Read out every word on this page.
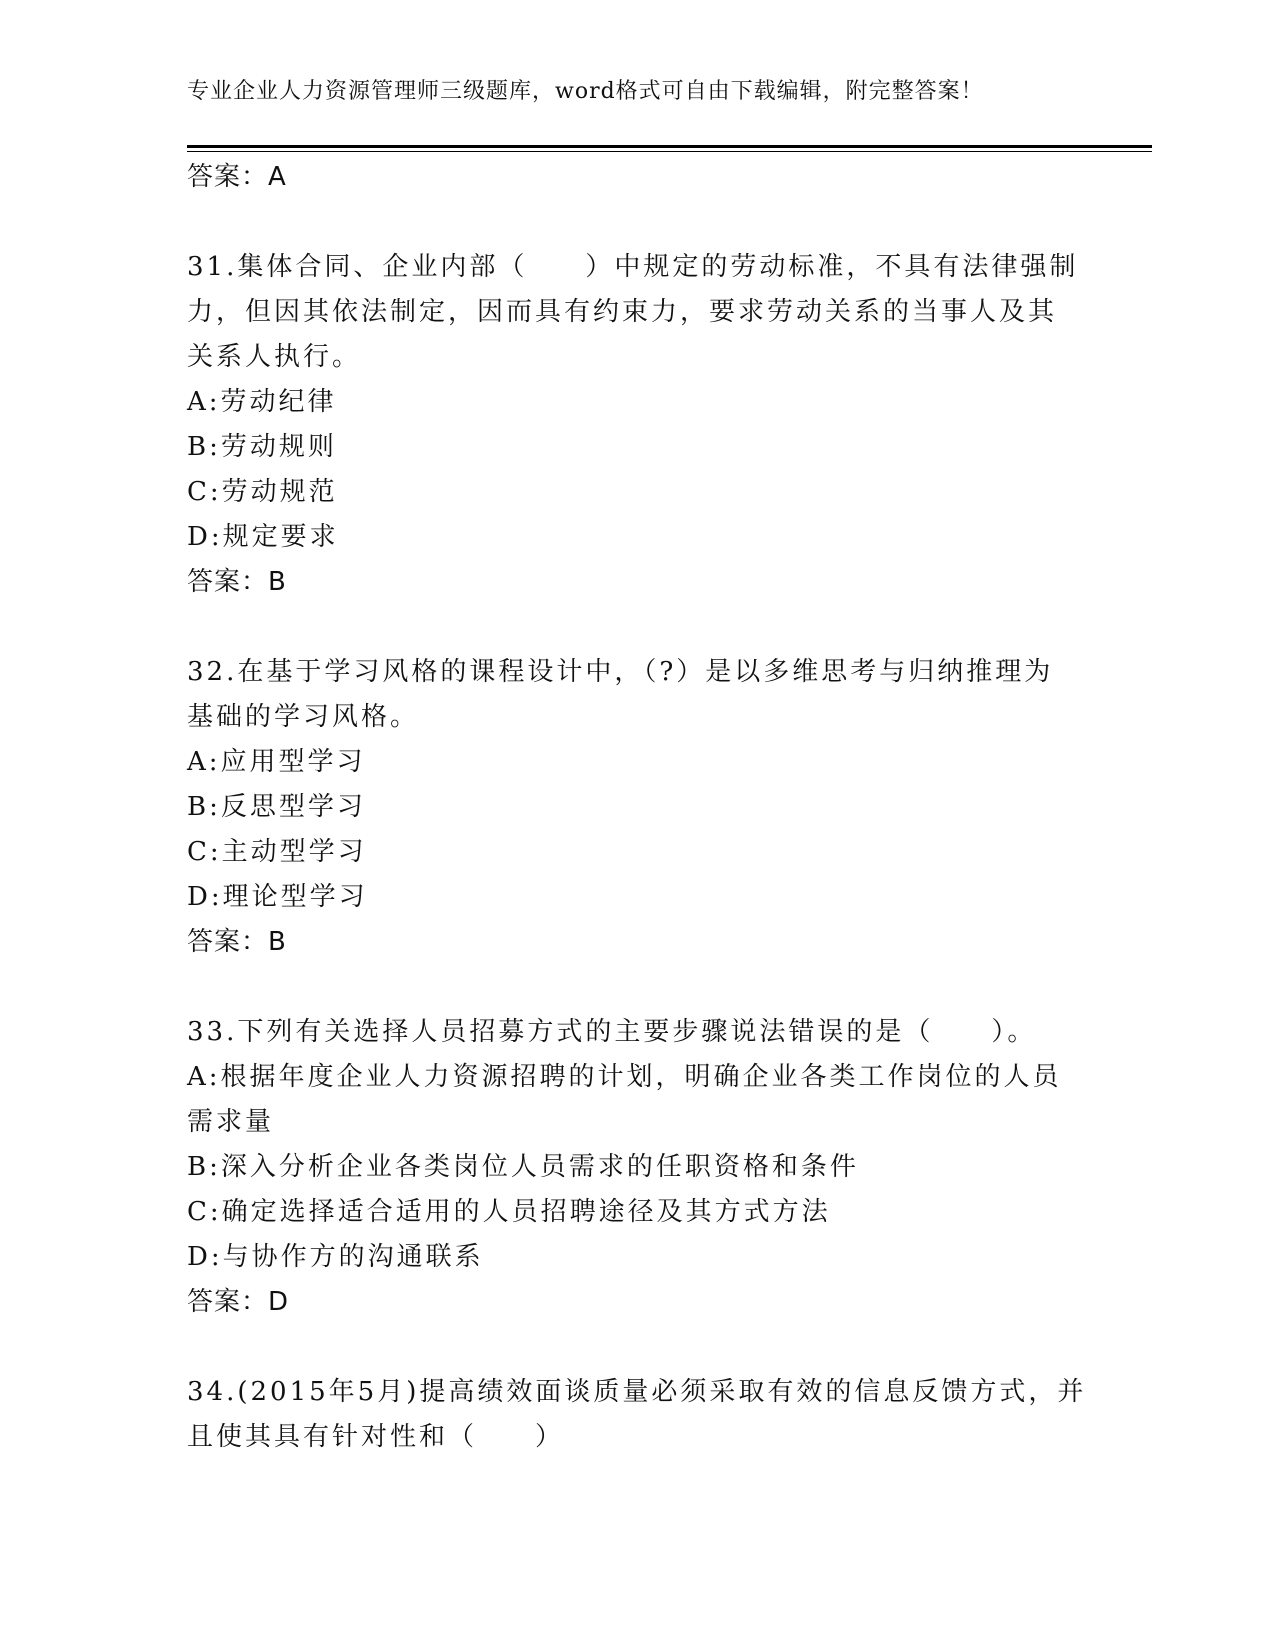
专业企业人力资源管理师三级题库，word格式可自由下载编辑，附完整答案！
答案：A
31.集体合同、企业内部（　　）中规定的劳动标准，不具有法律强制
力，但因其依法制定，因而具有约束力，要求劳动关系的当事人及其
关系人执行。
A:劳动纪律
B:劳动规则
C:劳动规范
D:规定要求
答案：B
32.在基于学习风格的课程设计中，（?）是以多维思考与归纳推理为
基础的学习风格。
A:应用型学习
B:反思型学习
C:主动型学习
D:理论型学习
答案：B
33.下列有关选择人员招募方式的主要步骤说法错误的是（　　）。
A:根据年度企业人力资源招聘的计划，明确企业各类工作岗位的人员
需求量
B:深入分析企业各类岗位人员需求的任职资格和条件
C:确定选择适合适用的人员招聘途径及其方式方法
D:与协作方的沟通联系
答案：D
34.(2015年5月)提高绩效面谈质量必须采取有效的信息反馈方式，并
且使其具有针对性和（　　）
